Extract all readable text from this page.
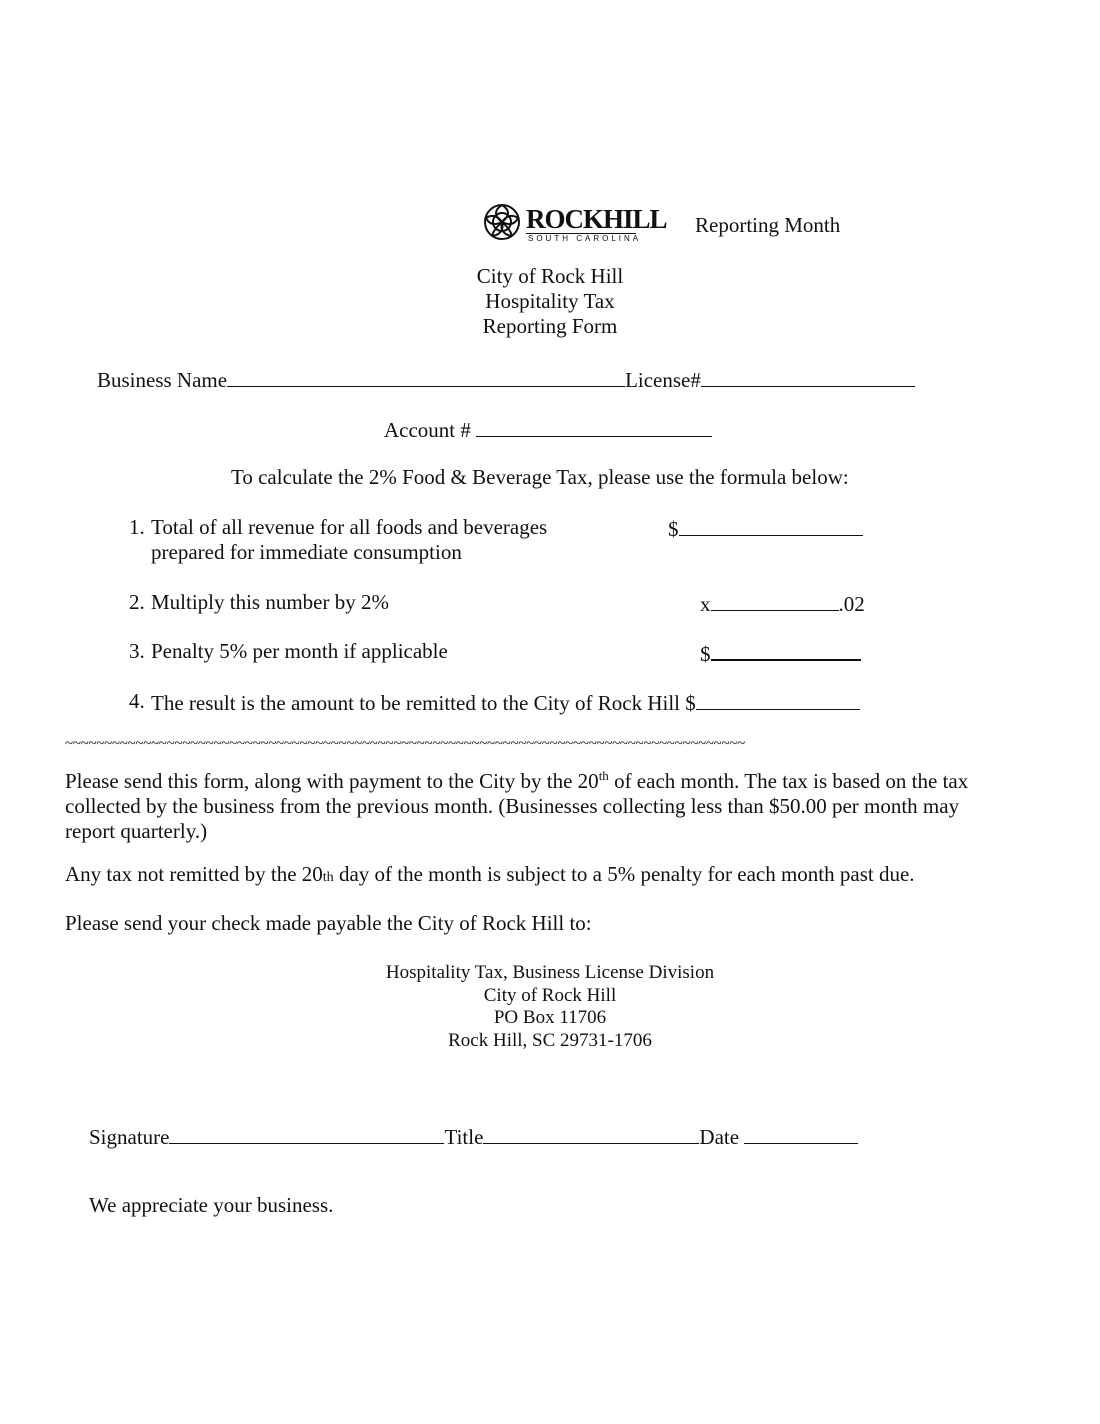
ROCKHILL
SOUTH CAROLINA
Reporting Month
City of Rock Hill
Hospitality Tax
Reporting Form
Business Name	License#
Account #
To calculate the 2% Food & Beverage Tax, please use the formula below:
1. Total of all revenue for all foods and beverages
prepared for immediate consumption
$
2. Multiply this number by 2%	x	.02
3. Penalty 5% per month if applicable	$
4. The result is the amount to be remitted to the City of Rock Hill $
~~~~~~~~~~~~~~~~~~~~~~~~~~~~~~~~~~~~~~~~~~~~~~~~~~~~~~~~~~~~~~~~~~~~~~~~~~~~~~~~~~~~~~~
Please send this form, along with payment to the City by the 20th of each month. The tax is based on the tax
collected by the business from the previous month. (Businesses collecting less than $50.00 per month may
report quarterly.)
Any tax not remitted by the 20th day of the month is subject to a 5% penalty for each month past due.
Please send your check made payable the City of Rock Hill to:
Hospitality Tax, Business License Division
City of Rock Hill
PO Box 11706
Rock Hill, SC 29731-1706
Signature	Title	Date
We appreciate your business.
